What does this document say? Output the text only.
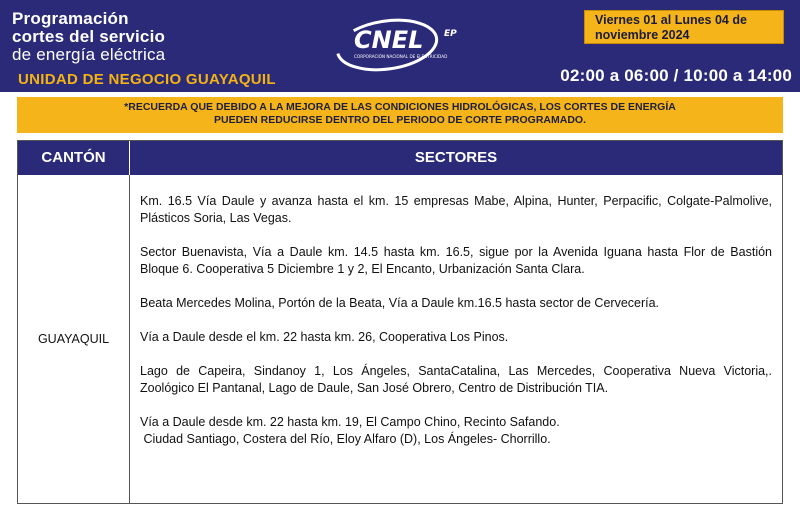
Programación
cortes del servicio
de energía eléctrica
UNIDAD DE NEGOCIO GUAYAQUIL
CNEL EP
CORPORACIÓN NACIONAL DE ELECTRICIDAD
Viernes 01 al Lunes 04 de
noviembre 2024
02:00 a 06:00 / 10:00 a 14:00
*RECUERDA QUE DEBIDO A LA MEJORA DE LAS CONDICIONES HIDROLÓGICAS, LOS CORTES DE ENERGÍA
PUEDEN REDUCIRSE DENTRO DEL PERIODO DE CORTE PROGRAMADO.
CANTÓN	SECTORES
GUAYAQUIL
Km. 16.5 Vía Daule y avanza hasta el km. 15 empresas Mabe, Alpina, Hunter, Perpacific, Colgate-Palmolive, Plásticos Soria, Las Vegas.
Sector Buenavista, Vía a Daule km. 14.5 hasta km. 16.5, sigue por la Avenida Iguana hasta Flor de Bastión Bloque 6. Cooperativa 5 Diciembre 1 y 2, El Encanto, Urbanización Santa Clara.
Beata Mercedes Molina, Portón de la Beata, Vía a Daule km.16.5 hasta sector de Cervecería.
Vía a Daule desde el km. 22 hasta km. 26, Cooperativa Los Pinos.
Lago de Capeira, Sindanoy 1, Los Ángeles, SantaCatalina, Las Mercedes, Cooperativa Nueva Victoria,. Zoológico El Pantanal, Lago de Daule, San José Obrero, Centro de Distribución TIA.
Vía a Daule desde km. 22 hasta km. 19, El Campo Chino, Recinto Safando.
Ciudad Santiago, Costera del Río, Eloy Alfaro (D), Los Ángeles- Chorrillo.
